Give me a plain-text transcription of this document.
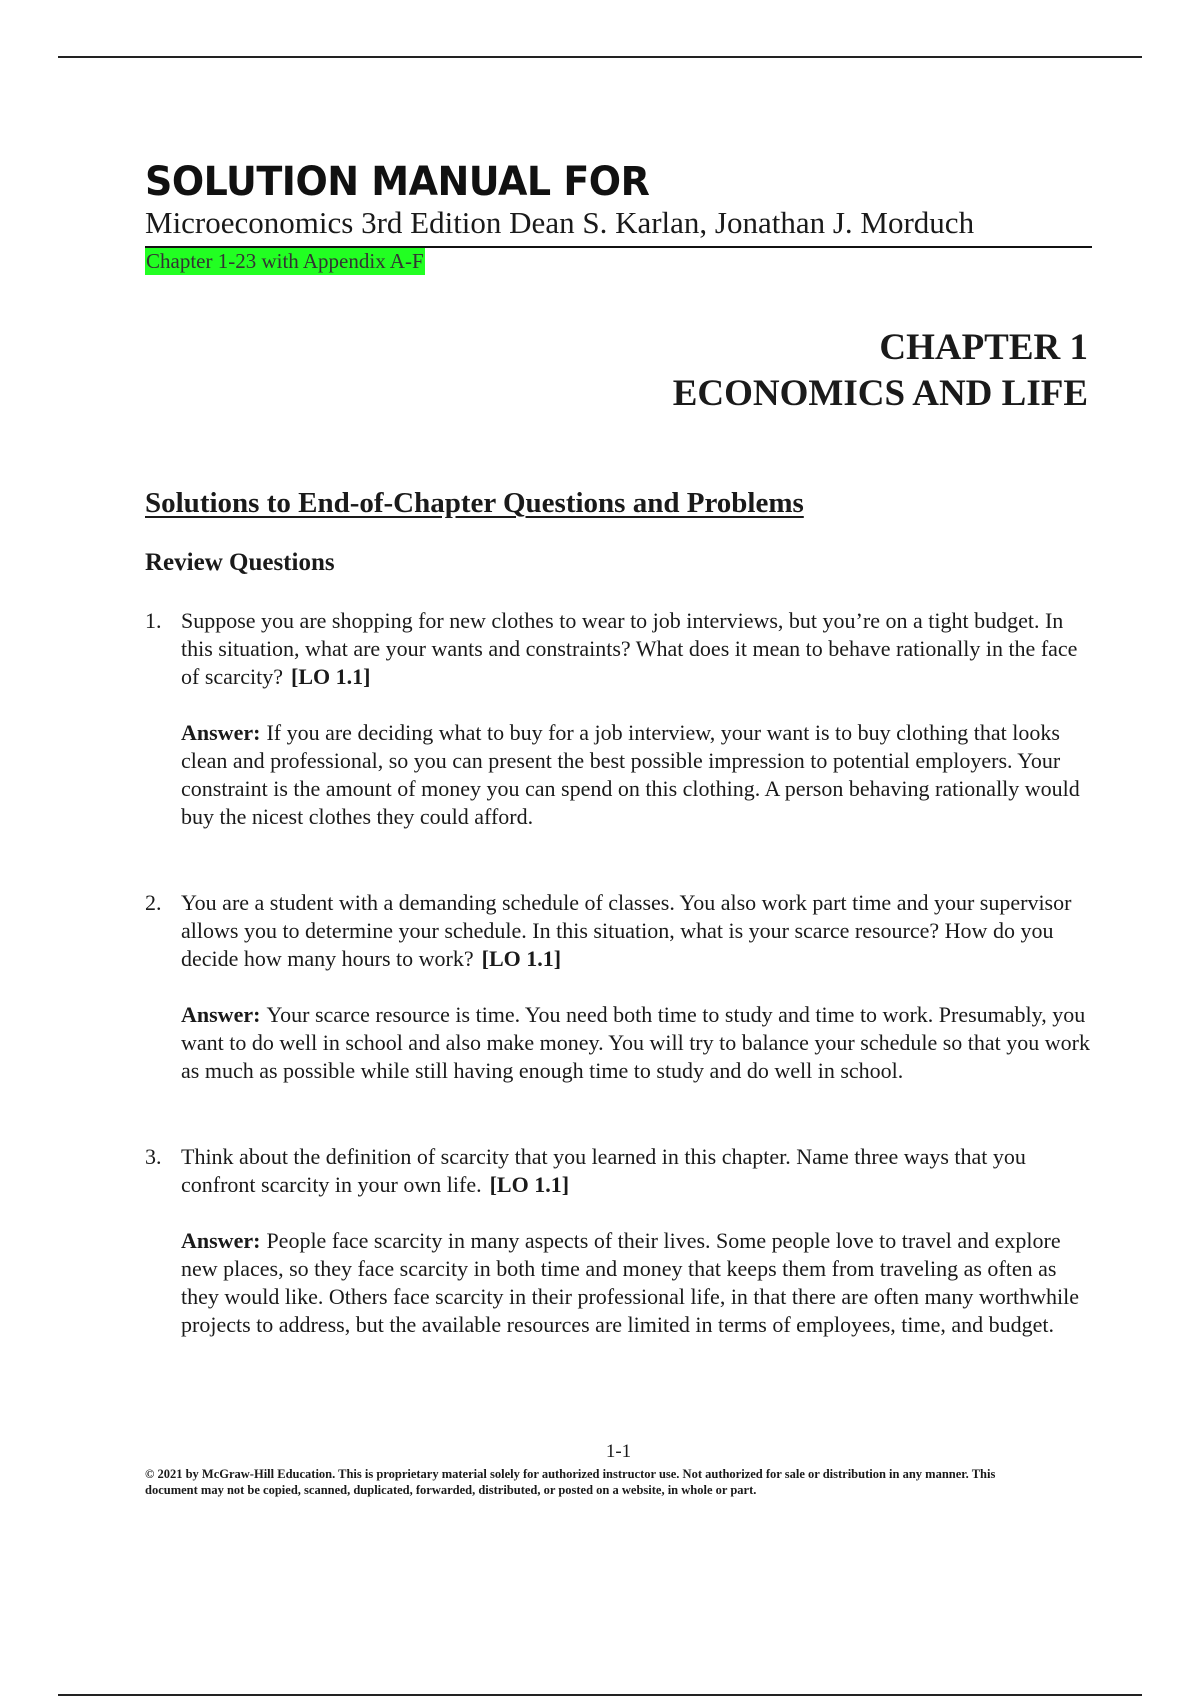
SOLUTION MANUAL FOR
Microeconomics 3rd Edition Dean S. Karlan, Jonathan J. Morduch
Chapter 1-23 with Appendix A-F
CHAPTER 1
ECONOMICS AND LIFE
Solutions to End-of-Chapter Questions and Problems
Review Questions
1. Suppose you are shopping for new clothes to wear to job interviews, but you’re on a tight budget. In this situation, what are your wants and constraints? What does it mean to behave rationally in the face of scarcity? [LO 1.1]

Answer: If you are deciding what to buy for a job interview, your want is to buy clothing that looks clean and professional, so you can present the best possible impression to potential employers. Your constraint is the amount of money you can spend on this clothing. A person behaving rationally would buy the nicest clothes they could afford.

2. You are a student with a demanding schedule of classes. You also work part time and your supervisor allows you to determine your schedule. In this situation, what is your scarce resource? How do you decide how many hours to work? [LO 1.1]

Answer: Your scarce resource is time. You need both time to study and time to work. Presumably, you want to do well in school and also make money. You will try to balance your schedule so that you work as much as possible while still having enough time to study and do well in school.

3. Think about the definition of scarcity that you learned in this chapter. Name three ways that you confront scarcity in your own life. [LO 1.1]

Answer: People face scarcity in many aspects of their lives. Some people love to travel and explore new places, so they face scarcity in both time and money that keeps them from traveling as often as they would like. Others face scarcity in their professional life, in that there are often many worthwhile projects to address, but the available resources are limited in terms of employees, time, and budget.

1-1
© 2021 by McGraw-Hill Education. This is proprietary material solely for authorized instructor use. Not authorized for sale or distribution in any manner. This document may not be copied, scanned, duplicated, forwarded, distributed, or posted on a website, in whole or part.
